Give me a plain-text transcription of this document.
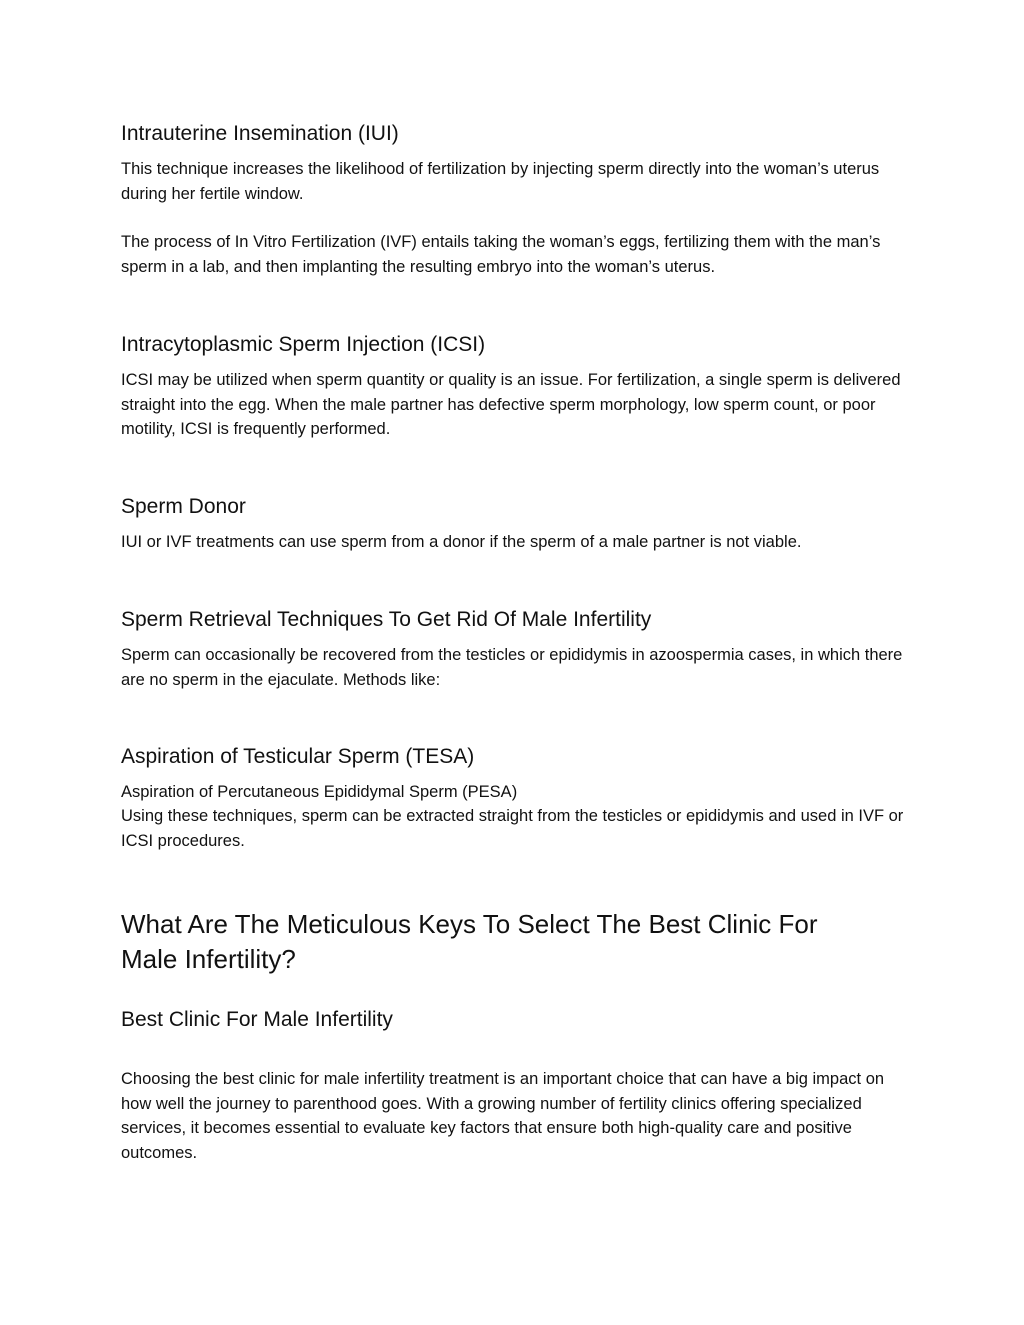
Intrauterine Insemination (IUI)

This technique increases the likelihood of fertilization by injecting sperm directly into the woman’s uterus during her fertile window.

The process of In Vitro Fertilization (IVF) entails taking the woman’s eggs, fertilizing them with the man’s sperm in a lab, and then implanting the resulting embryo into the woman’s uterus.

Intracytoplasmic Sperm Injection (ICSI)

ICSI may be utilized when sperm quantity or quality is an issue. For fertilization, a single sperm is delivered straight into the egg. When the male partner has defective sperm morphology, low sperm count, or poor motility, ICSI is frequently performed.

Sperm Donor

IUI or IVF treatments can use sperm from a donor if the sperm of a male partner is not viable.

Sperm Retrieval Techniques To Get Rid Of Male Infertility

Sperm can occasionally be recovered from the testicles or epididymis in azoospermia cases, in which there are no sperm in the ejaculate. Methods like:

Aspiration of Testicular Sperm (TESA)

Aspiration of Percutaneous Epididymal Sperm (PESA)

Using these techniques, sperm can be extracted straight from the testicles or epididymis and used in IVF or ICSI procedures.

What Are The Meticulous Keys To Select The Best Clinic For Male Infertility?
Best Clinic For Male Infertility

Choosing the best clinic for male infertility treatment is an important choice that can have a big impact on how well the journey to parenthood goes. With a growing number of fertility clinics offering specialized services, it becomes essential to evaluate key factors that ensure both high-quality care and positive outcomes.
